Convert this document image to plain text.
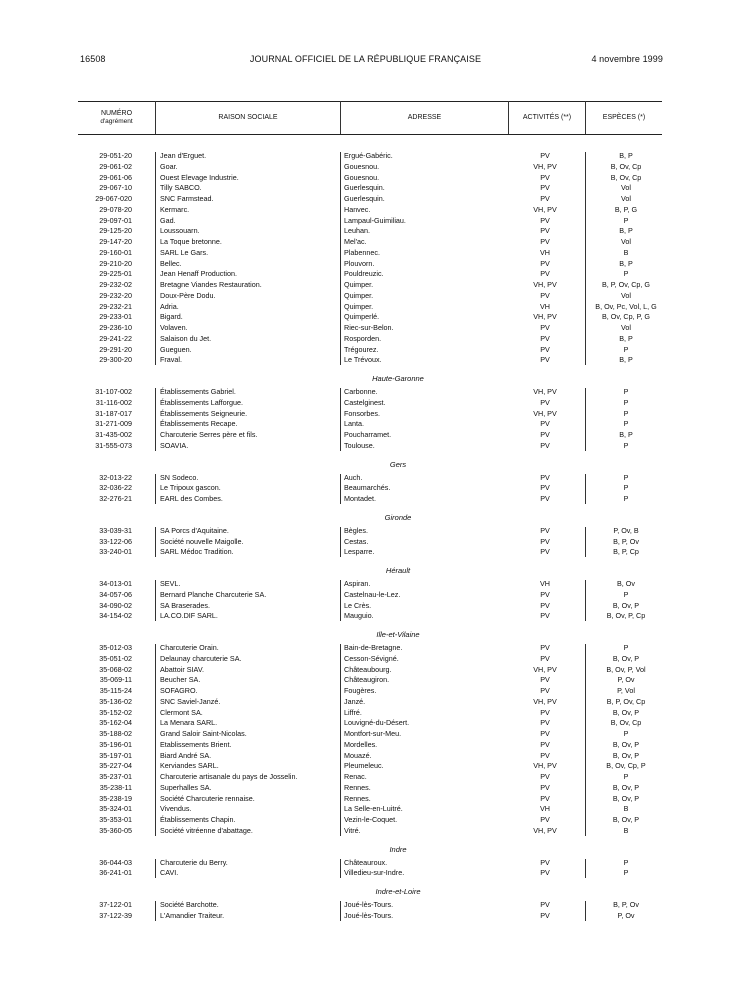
16508	JOURNAL OFFICIEL DE LA RÉPUBLIQUE FRANÇAISE	4 novembre 1999
NUMÉRO
d'agrément
RAISON SOCIALE	ADRESSE	ACTIVITÉS (**)	ESPÈCES (*)
29-051-20	Jean d'Erguet.	Ergué-Gabéric.	PV	B, P
29-061-02	Goar.	Gouesnou.	VH, PV	B, Ov, Cp
29-061-06	Ouest Elevage Industrie.	Gouesnou.	PV	B, Ov, Cp
29-067-10	Tilly SABCO.	Guerlesquin.	PV	Vol
29-067-020	SNC Farmstead.	Guerlesquin.	PV	Vol
29-078-20	Kermarc.	Hanvec.	VH, PV	B, P, G
29-097-01	Gad.	Lampaul-Guimiliau.	PV	P
29-125-20	Loussouarn.	Leuhan.	PV	B, P
29-147-20	La Toque bretonne.	Mel'ac.	PV	Vol
29-160-01	SARL Le Gars.	Plabennec.	VH	B
29-210-20	Bellec.	Plouvorn.	PV	B, P
29-225-01	Jean Henaff Production.	Pouldreuzic.	PV	P
29-232-02	Bretagne Viandes Restauration.	Quimper.	VH, PV	B, P, Ov, Cp, G
29-232-20	Doux-Père Dodu.	Quimper.	PV	Vol
29-232-21	Adria.	Quimper.	VH	B, Ov, Pc, Vol, L, G
29-233-01	Bigard.	Quimperlé.	VH, PV	B, Ov, Cp, P, G
29-236-10	Volaven.	Riec-sur-Belon.	PV	Vol
29-241-22	Salaison du Jet.	Rosporden.	PV	B, P
29-291-20	Gueguen.	Trégourez.	PV	P
29-300-20	Fraval.	Le Trévoux.	PV	B, P
Haute-Garonne
31-107-002	Établissements Gabriel.	Carbonne.	VH, PV	P
31-116-002	Établissements Lafforgue.	Castelginest.	PV	P
31-187-017	Établissements Seigneurie.	Fonsorbes.	VH, PV	P
31-271-009	Établissements Recape.	Lanta.	PV	P
31-435-002	Charcuterie Serres père et fils.	Poucharramet.	PV	B, P
31-555-073	SOAVIA.	Toulouse.	PV	P
Gers
32-013-22	SN Sodeco.	Auch.	PV	P
32-036-22	Le Tripoux gascon.	Beaumarchés.	PV	P
32-276-21	EARL des Combes.	Montadet.	PV	P
Gironde
33-039-31	SA Porcs d'Aquitaine.	Bègles.	PV	P, Ov, B
33-122-06	Société nouvelle Maigolle.	Cestas.	PV	B, P, Ov
33-240-01	SARL Médoc Tradition.	Lesparre.	PV	B, P, Cp
Hérault
34-013-01	SEVL.	Aspiran.	VH	B, Ov
34-057-06	Bernard Planche Charcuterie SA.	Castelnau-le-Lez.	PV	P
34-090-02	SA Braserades.	Le Crès.	PV	B, Ov, P
34-154-02	LA.CO.DIF SARL.	Mauguio.	PV	B, Ov, P, Cp
Ille-et-Vilaine
35-012-03	Charcuterie Orain.	Bain-de-Bretagne.	PV	P
35-051-02	Delaunay charcuterie SA.	Cesson-Sévigné.	PV	B, Ov, P
35-068-02	Abattoir SIAV.	Châteaubourg.	VH, PV	B, Ov, P, Vol
35-069-11	Beucher SA.	Châteaugiron.	PV	P, Ov
35-115-24	SOFAGRO.	Fougères.	PV	P, Vol
35-136-02	SNC Saviel-Janzé.	Janzé.	VH, PV	B, P, Ov, Cp
35-152-02	Clermont SA.	Liffré.	PV	B, Ov, P
35-162-04	La Menara SARL.	Louvigné-du-Désert.	PV	B, Ov, Cp
35-188-02	Grand Saloir Saint-Nicolas.	Montfort-sur-Meu.	PV	P
35-196-01	Etablissements Brient.	Mordelles.	PV	B, Ov, P
35-197-01	Biard André SA.	Mouazé.	PV	B, Ov, P
35-227-04	Kerviandes SARL.	Pleumeleuc.	VH, PV	B, Ov, Cp, P
35-237-01	Charcuterie artisanale du pays de Josselin.	Renac.	PV	P
35-238-11	Superhalles SA.	Rennes.	PV	B, Ov, P
35-238-19	Société Charcuterie rennaise.	Rennes.	PV	B, Ov, P
35-324-01	Vivendus.	La Selle-en-Luitré.	VH	B
35-353-01	Établissements Chapin.	Vezin-le-Coquet.	PV	B, Ov, P
35-360-05	Société vitréenne d'abattage.	Vitré.	VH, PV	B
Indre
36-044-03	Charcuterie du Berry.	Châteauroux.	PV	P
36-241-01	CAVI.	Villedieu-sur-Indre.	PV	P
Indre-et-Loire
37-122-01	Société Barchotte.	Joué-lès-Tours.	PV	B, P, Ov
37-122-39	L'Amandier Traiteur.	Joué-lès-Tours.	PV	P, Ov
